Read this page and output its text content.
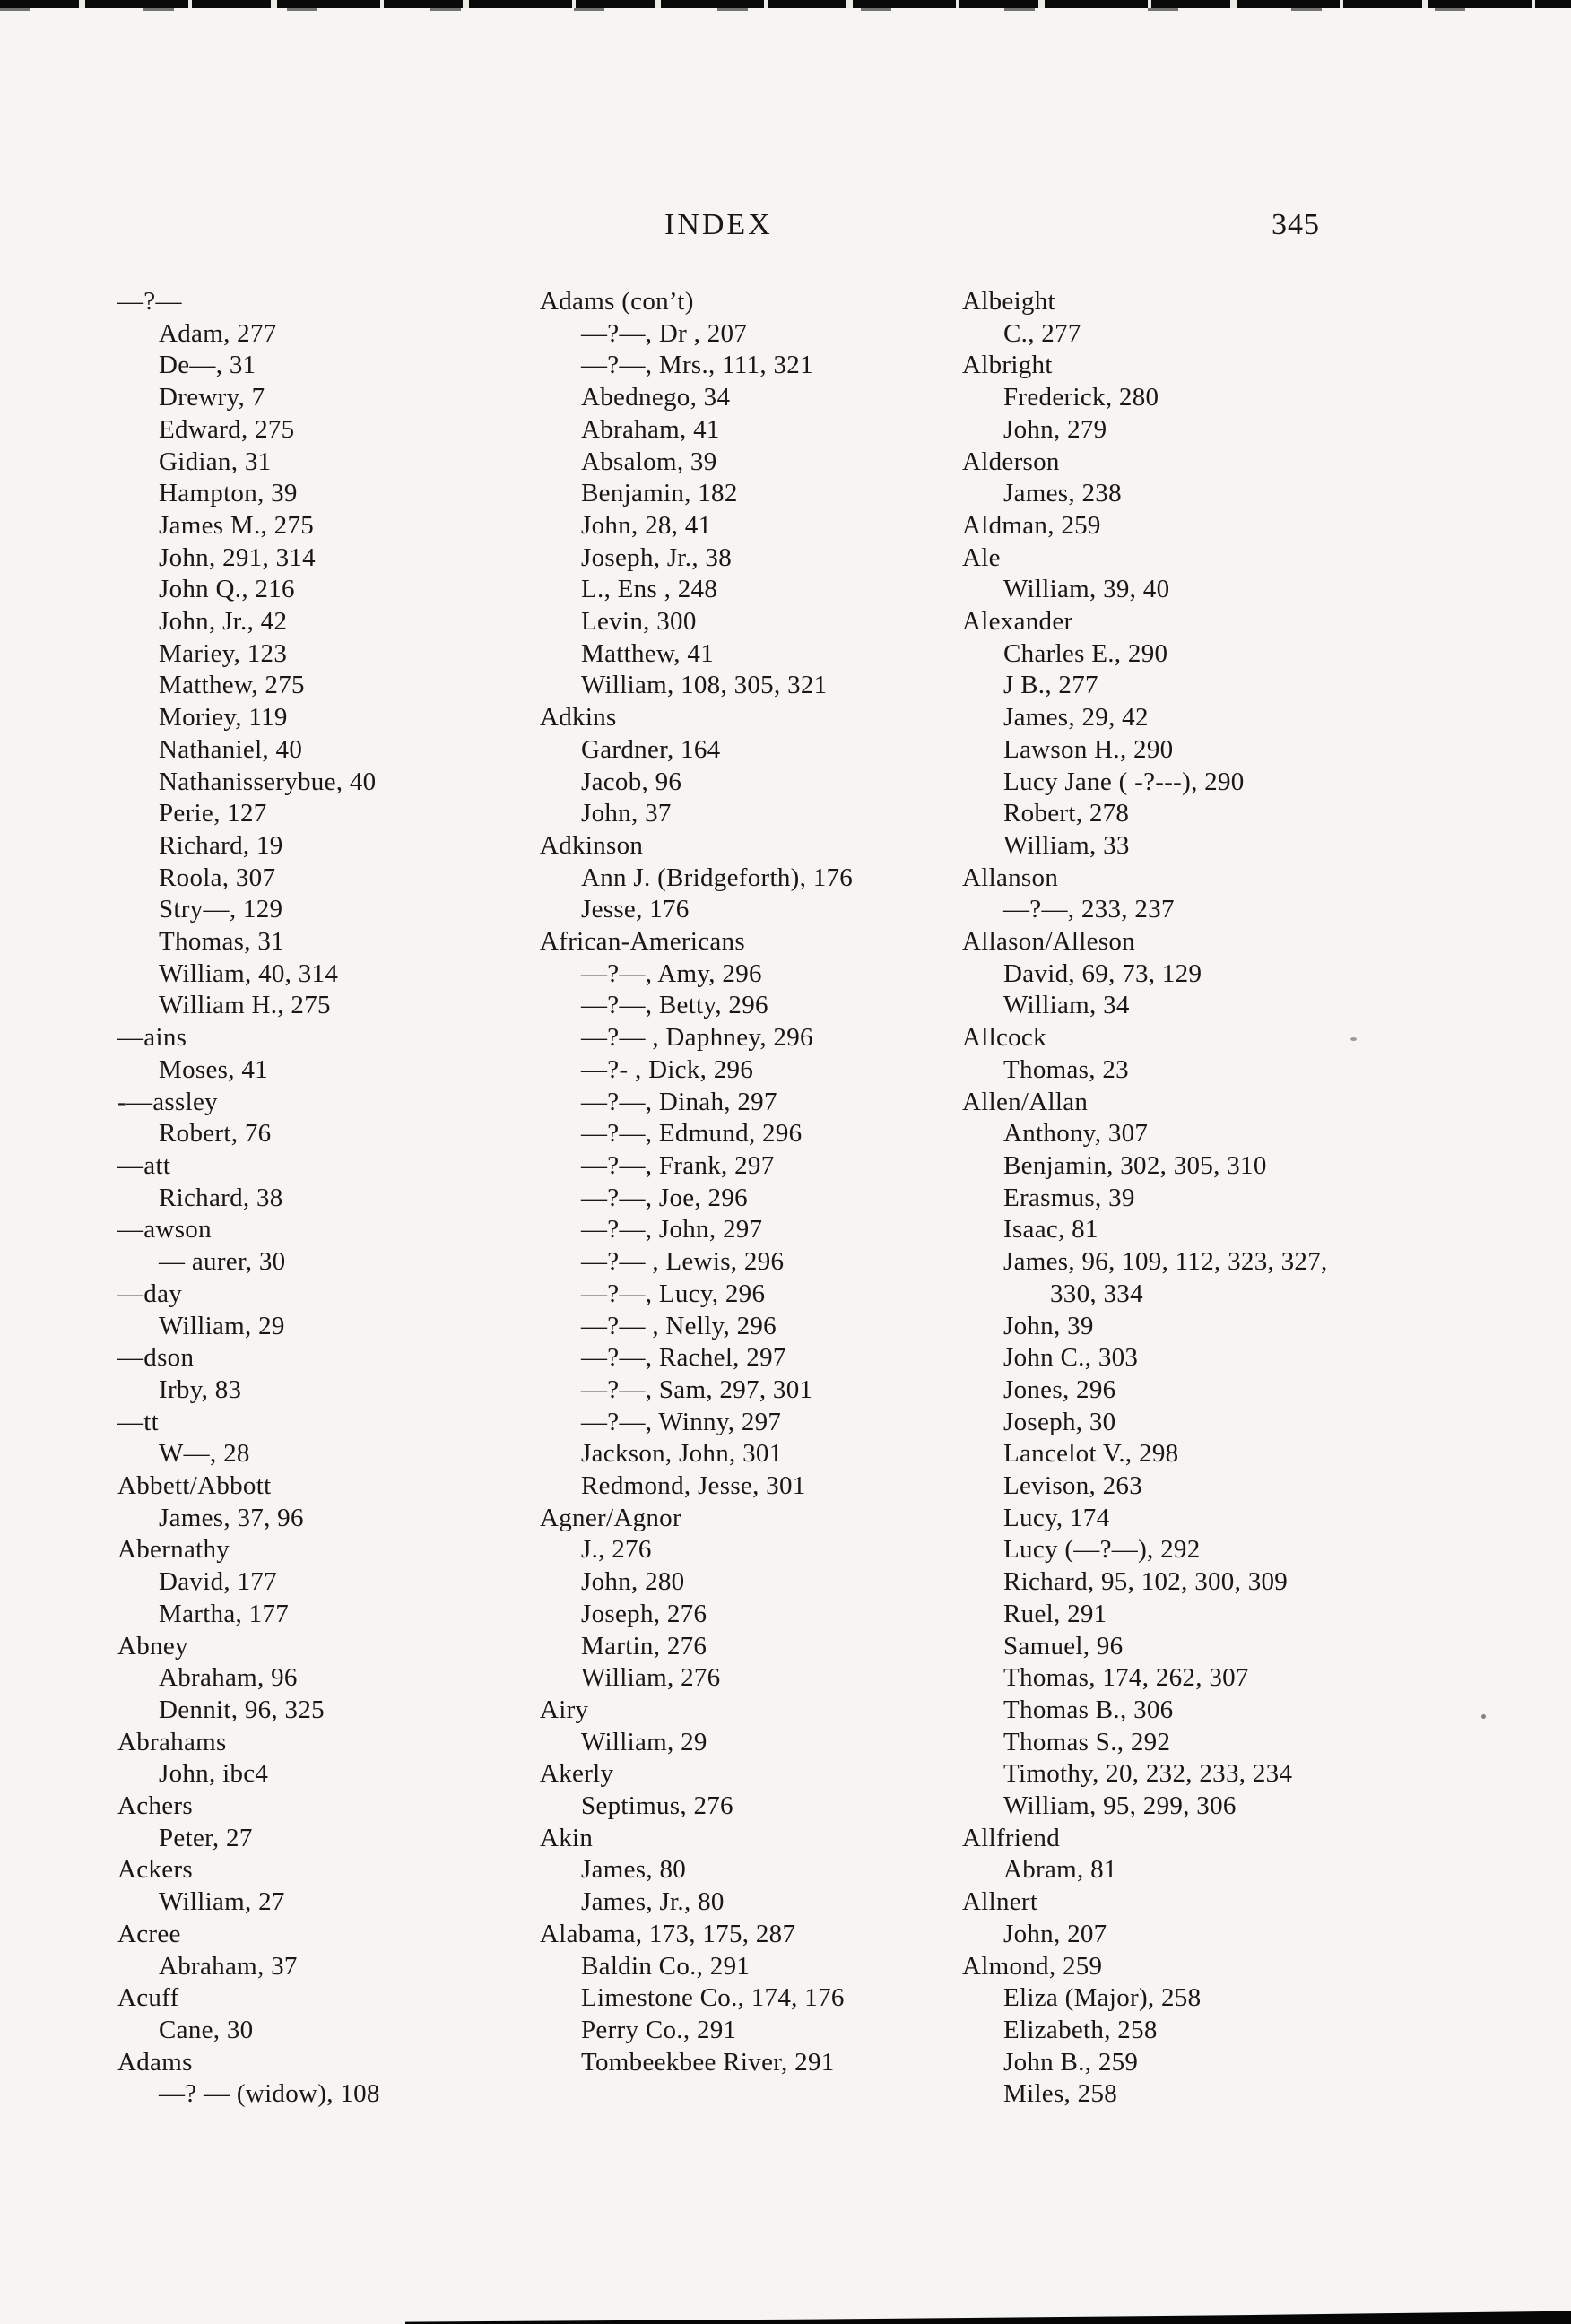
INDEX	345
—?—
Adam, 277
De—, 31
Drewry, 7
Edward, 275
Gidian, 31
Hampton, 39
James M., 275
John, 291, 314
John Q., 216
John, Jr., 42
Mariey, 123
Matthew, 275
Moriey, 119
Nathaniel, 40
Nathanisserybue, 40
Perie, 127
Richard, 19
Roola, 307
Stry—, 129
Thomas, 31
William, 40, 314
William H., 275
—ains
Moses, 41
-—assley
Robert, 76
—att
Richard, 38
—awson
— aurer, 30
—day
William, 29
—dson
Irby, 83
—tt
W—, 28
Abbett/Abbott
James, 37, 96
Abernathy
David, 177
Martha, 177
Abney
Abraham, 96
Dennit, 96, 325
Abrahams
John, ibc4
Achers
Peter, 27
Ackers
William, 27
Acree
Abraham, 37
Acuff
Cane, 30
Adams
—? — (widow), 108
Adams (con’t)
—?—, Dr , 207
—?—, Mrs., 111, 321
Abednego, 34
Abraham, 41
Absalom, 39
Benjamin, 182
John, 28, 41
Joseph, Jr., 38
L., Ens , 248
Levin, 300
Matthew, 41
William, 108, 305, 321
Adkins
Gardner, 164
Jacob, 96
John, 37
Adkinson
Ann J. (Bridgeforth), 176
Jesse, 176
African-Americans
—?—, Amy, 296
—?—, Betty, 296
—?— , Daphney, 296
—?- , Dick, 296
—?—, Dinah, 297
—?—, Edmund, 296
—?—, Frank, 297
—?—, Joe, 296
—?—, John, 297
—?— , Lewis, 296
—?—, Lucy, 296
—?— , Nelly, 296
—?—, Rachel, 297
—?—, Sam, 297, 301
—?—, Winny, 297
Jackson, John, 301
Redmond, Jesse, 301
Agner/Agnor
J., 276
John, 280
Joseph, 276
Martin, 276
William, 276
Airy
William, 29
Akerly
Septimus, 276
Akin
James, 80
James, Jr., 80
Alabama, 173, 175, 287
Baldin Co., 291
Limestone Co., 174, 176
Perry Co., 291
Tombeekbee River, 291
Albeight
C., 277
Albright
Frederick, 280
John, 279
Alderson
James, 238
Aldman, 259
Ale
William, 39, 40
Alexander
Charles E., 290
J B., 277
James, 29, 42
Lawson H., 290
Lucy Jane ( -?---), 290
Robert, 278
William, 33
Allanson
—?—, 233, 237
Allason/Alleson
David, 69, 73, 129
William, 34
Allcock
Thomas, 23
Allen/Allan
Anthony, 307
Benjamin, 302, 305, 310
Erasmus, 39
Isaac, 81
James, 96, 109, 112, 323, 327,
330, 334
John, 39
John C., 303
Jones, 296
Joseph, 30
Lancelot V., 298
Levison, 263
Lucy, 174
Lucy (—?—), 292
Richard, 95, 102, 300, 309
Ruel, 291
Samuel, 96
Thomas, 174, 262, 307
Thomas B., 306
Thomas S., 292
Timothy, 20, 232, 233, 234
William, 95, 299, 306
Allfriend
Abram, 81
Allnert
John, 207
Almond, 259
Eliza (Major), 258
Elizabeth, 258
John B., 259
Miles, 258
